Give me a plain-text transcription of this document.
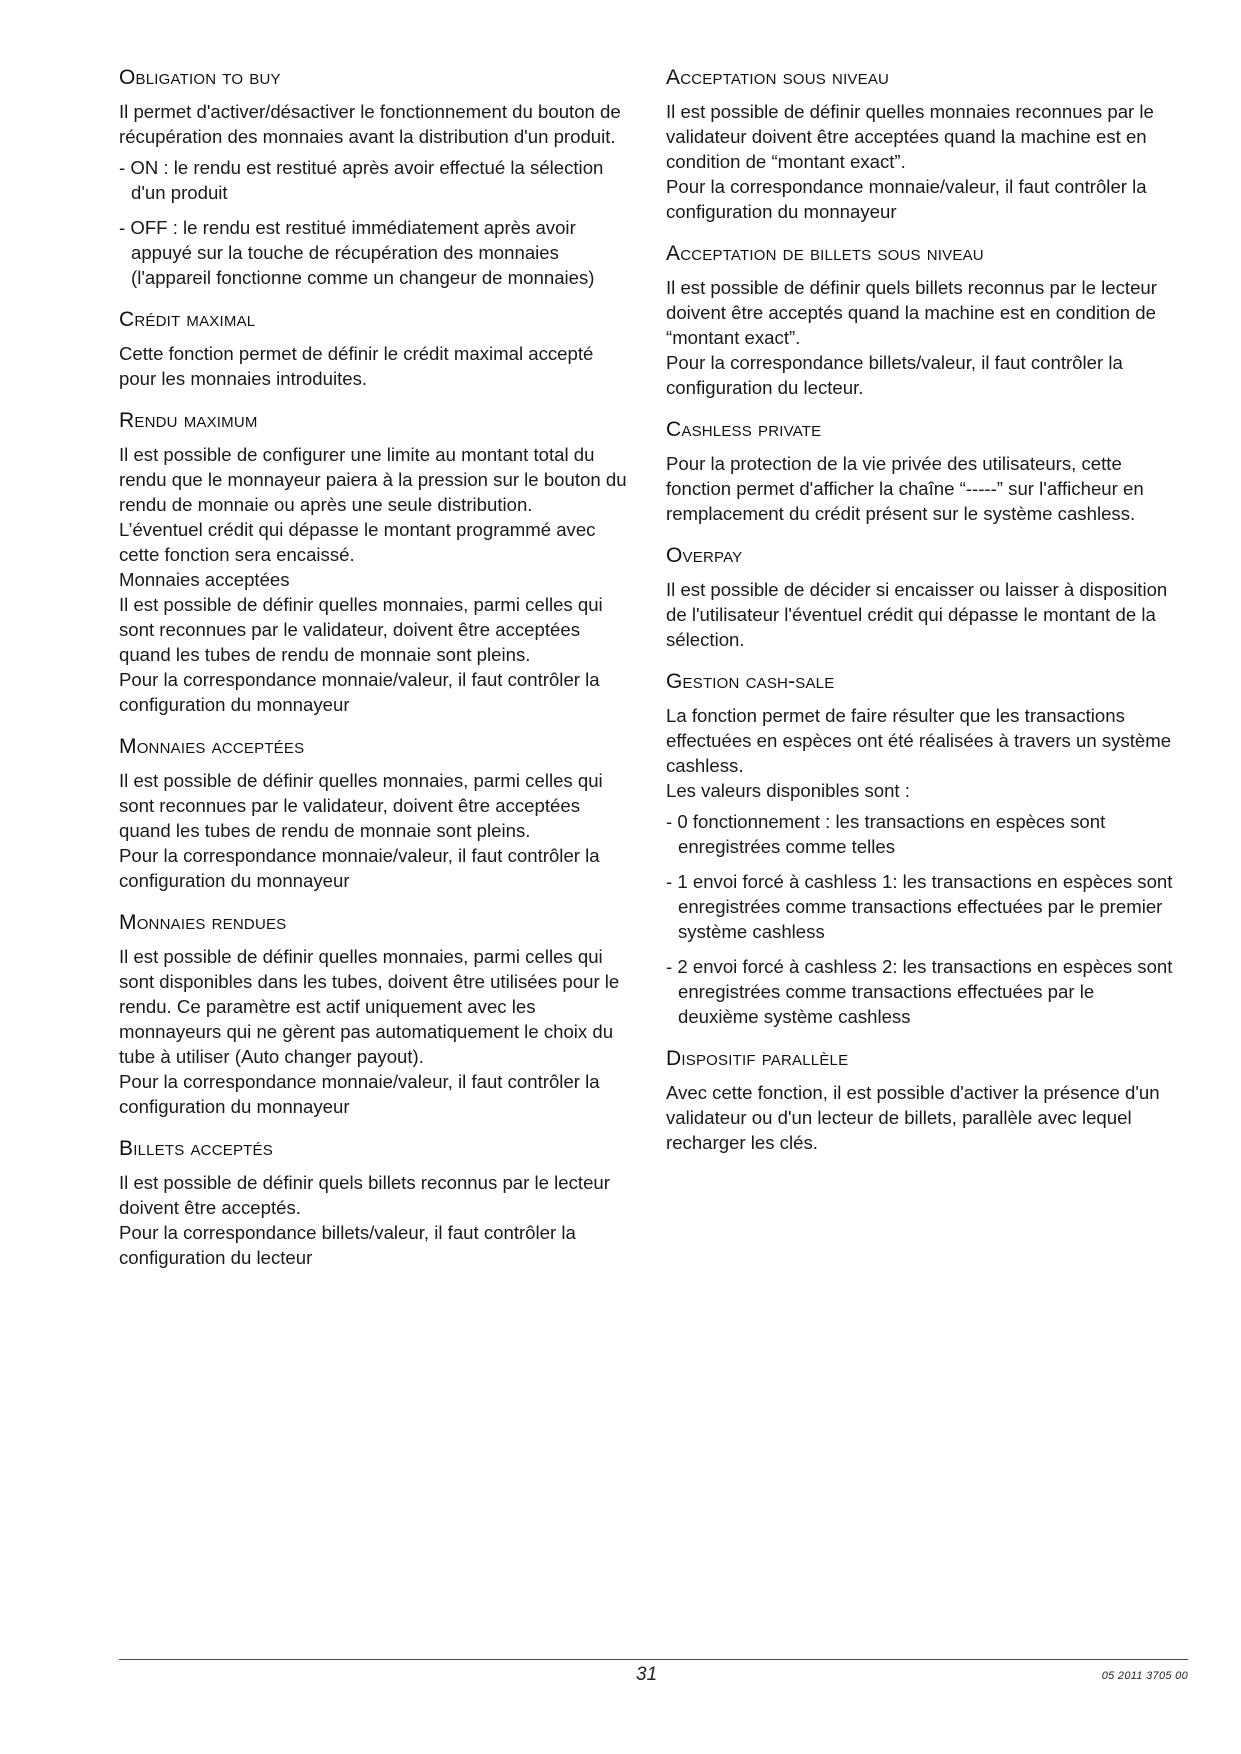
Obligation to buy

Il permet d'activer/désactiver le fonctionnement du bouton de récupération des monnaies avant la distribution d'un produit.

- ON : le rendu est restitué après avoir effectué la sélection d'un produit
- OFF : le rendu est restitué immédiatement après avoir appuyé sur la touche de récupération des monnaies (l'appareil fonctionne comme un changeur de monnaies)
Crédit maximal

Cette fonction permet de définir le crédit maximal accepté pour les monnaies introduites.

Rendu maximum

Il est possible de configurer une limite au montant total du rendu que le monnayeur paiera à la pression sur le bouton du rendu de monnaie ou après une seule distribution.
L’éventuel crédit qui dépasse le montant programmé avec cette fonction sera encaissé.
Monnaies acceptées
Il est possible de définir quelles monnaies, parmi celles qui sont reconnues par le validateur, doivent être acceptées quand les tubes de rendu de monnaie sont pleins.
Pour la correspondance monnaie/valeur, il faut contrôler la configuration du monnayeur

Monnaies acceptées

Il est possible de définir quelles monnaies, parmi celles qui sont reconnues par le validateur, doivent être acceptées quand les tubes de rendu de monnaie sont pleins.
Pour la correspondance monnaie/valeur, il faut contrôler la configuration du monnayeur

Monnaies rendues

Il est possible de définir quelles monnaies, parmi celles qui sont disponibles dans les tubes, doivent être utilisées pour le rendu. Ce paramètre est actif uniquement avec les monnayeurs qui ne gèrent pas automatiquement le choix du tube à utiliser (Auto changer payout).
Pour la correspondance monnaie/valeur, il faut contrôler la configuration du monnayeur

Billets acceptés

Il est possible de définir quels billets reconnus par le lecteur doivent être acceptés.
Pour la correspondance billets/valeur, il faut contrôler la configuration du lecteur

Acceptation sous niveau

Il est possible de définir quelles monnaies reconnues par le validateur doivent être acceptées quand la machine est en condition de “montant exact”.
Pour la correspondance monnaie/valeur, il faut contrôler la configuration du monnayeur

Acceptation de billets sous niveau

Il est possible de définir quels billets reconnus par le lecteur doivent être acceptés quand la machine est en condition de “montant exact”.
Pour la correspondance billets/valeur, il faut contrôler la configuration du lecteur.

Cashless private

Pour la protection de la vie privée des utilisateurs, cette fonction permet d'afficher la chaîne “-----” sur l'afficheur en remplacement du crédit présent sur le système cashless.

Overpay

Il est possible de décider si encaisser ou laisser à disposition de l'utilisateur l'éventuel crédit qui dépasse le montant de la sélection.

Gestion cash-sale

La fonction permet de faire résulter que les transactions effectuées en espèces ont été réalisées à travers un système cashless.
Les valeurs disponibles sont :

- 0 fonctionnement : les transactions en espèces sont enregistrées comme telles
- 1 envoi forcé à cashless 1: les transactions en espèces sont enregistrées comme transactions effectuées par le premier système cashless
- 2 envoi forcé à cashless 2: les transactions en espèces sont enregistrées comme transactions effectuées par le deuxième système cashless
Dispositif parallèle

Avec cette fonction, il est possible d'activer la présence d'un validateur ou d'un lecteur de billets, parallèle avec lequel recharger les clés.

31	05 2011 3705 00
